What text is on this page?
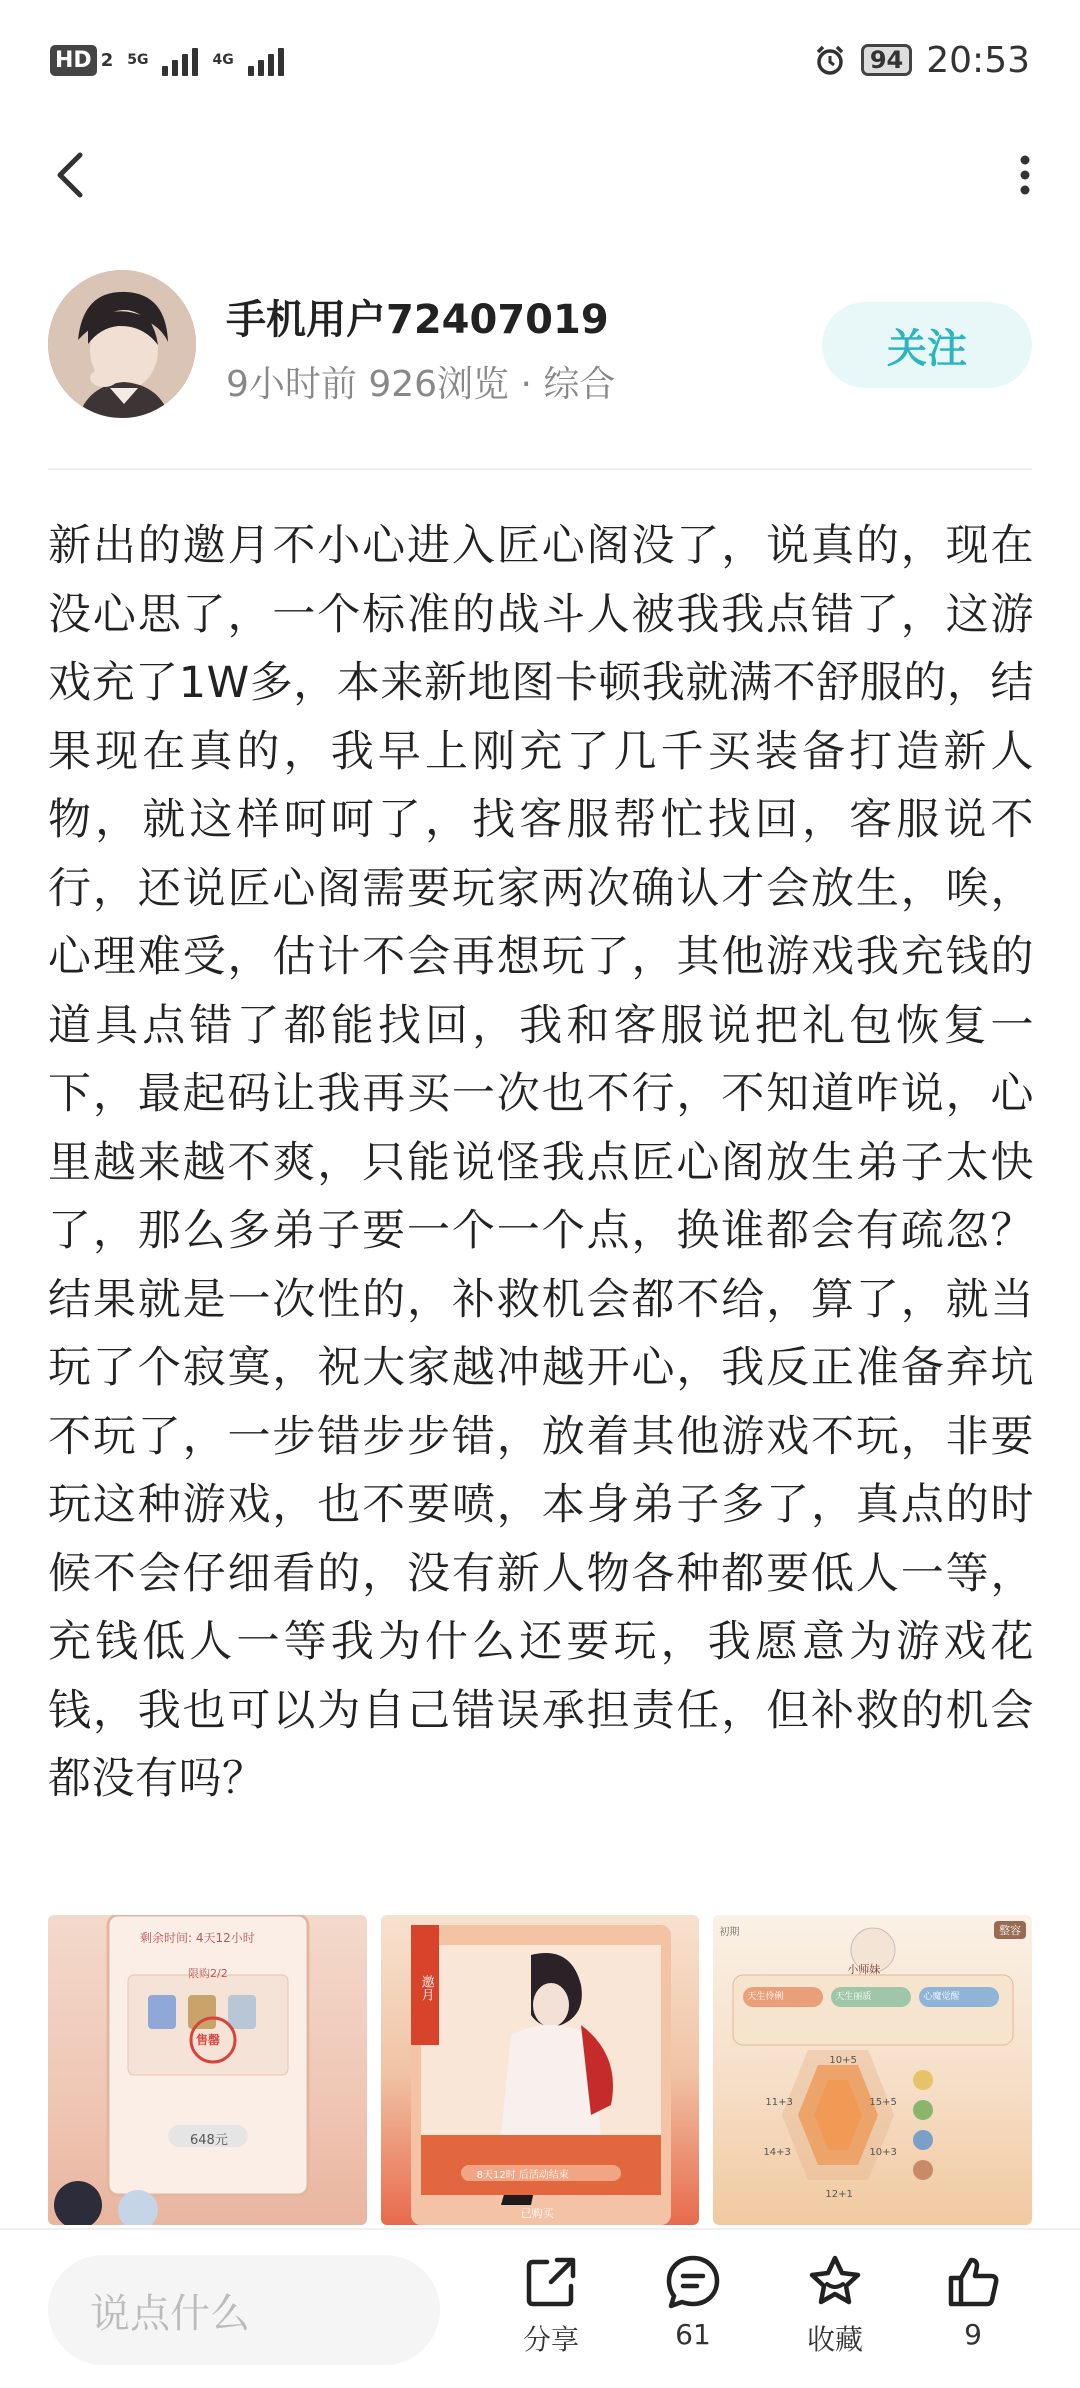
HD 2 5G	4G	94 20:53
手机用户72407019
9小时前 926浏览 · 综合
关注
新出的邀月不小心进入匠心阁没了，说真的，现在没心思了，一个标准的战斗人被我我点错了，这游戏充了1W多，本来新地图卡顿我就满不舒服的，结果现在真的，我早上刚充了几千买装备打造新人物，就这样呵呵了，找客服帮忙找回，客服说不行，还说匠心阁需要玩家两次确认才会放生，唉，心理难受，估计不会再想玩了，其他游戏我充钱的道具点错了都能找回，我和客服说把礼包恢复一下，最起码让我再买一次也不行，不知道咋说，心里越来越不爽，只能说怪我点匠心阁放生弟子太快了，那么多弟子要一个一个点，换谁都会有疏忽？结果就是一次性的，补救机会都不给，算了，就当玩了个寂寞，祝大家越冲越开心，我反正准备弃坑不玩了，一步错步步错，放着其他游戏不玩，非要玩这种游戏，也不要喷，本身弟子多了，真点的时候不会仔细看的，没有新人物各种都要低人一等，充钱低人一等我为什么还要玩，我愿意为游戏花钱，我也可以为自己错误承担责任，但补救的机会都没有吗？
剩余时间: 4天12小时
限购2/2
648元
售罄
邀月
8天12时 后活动结束
已购买
初期	整容
小师妹
天生伶俐	天生丽质	心魔觉醒
10+5
11+3	15+5
14+3	10+3
12+1
说点什么
分享	61	收藏	9
